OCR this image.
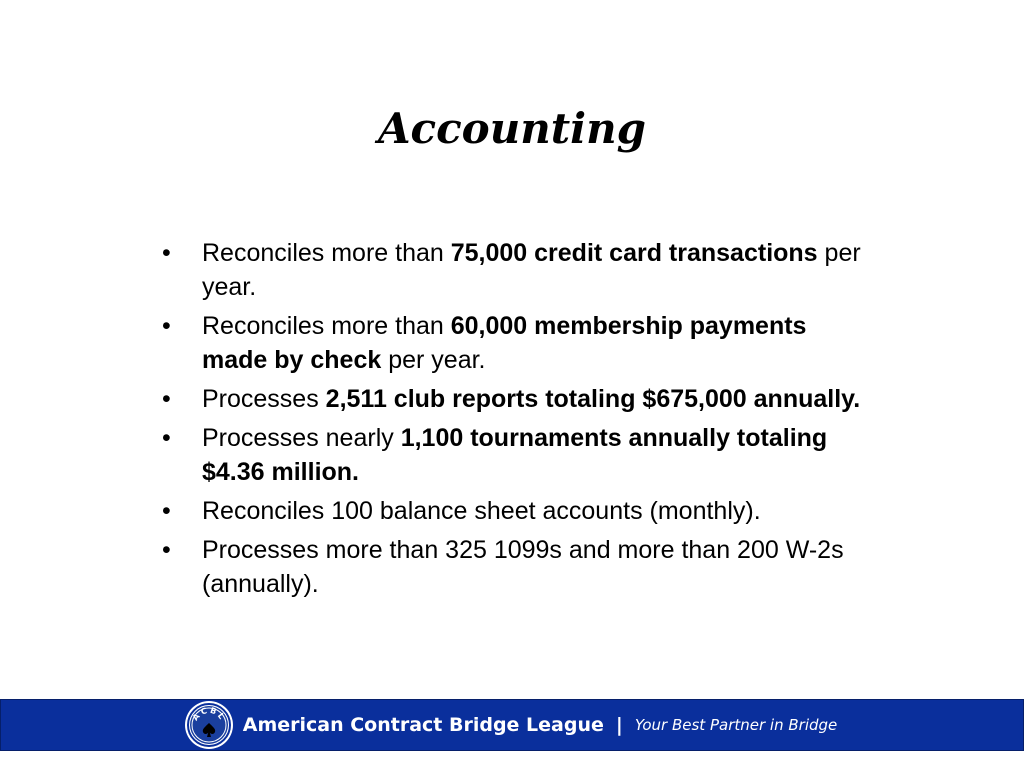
Accounting
•	Reconciles more than 75,000 credit card transactions per year.
•	Reconciles more than 60,000 membership payments made by check per year.
•	Processes 2,511 club reports totaling $675,000 annually.
•	Processes nearly 1,100 tournaments annually totaling $4.36 million.
•	Reconciles 100 balance sheet accounts (monthly).
•	Processes more than 325 1099s and more than 200 W-2s (annually).
ACBL American Contract Bridge League | Your Best Partner in Bridge
